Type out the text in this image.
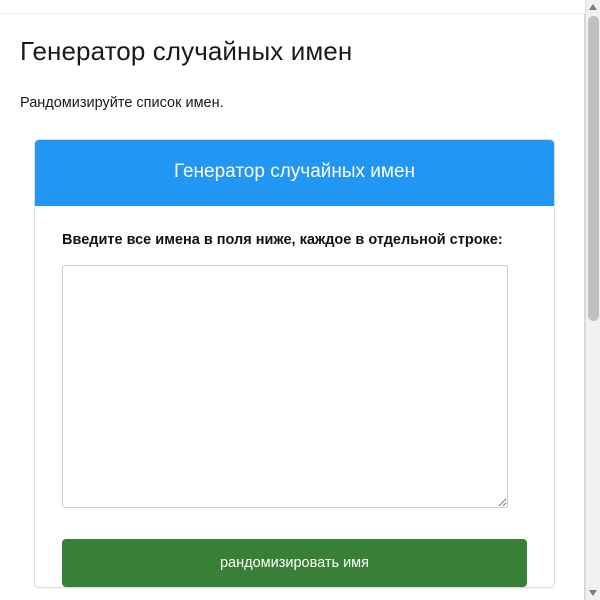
Генератор случайных имен

Рандомизируйте список имен.

Генератор случайных имен
Введите все имена в поля ниже, каждое в отдельной строке:
рандомизировать имя
